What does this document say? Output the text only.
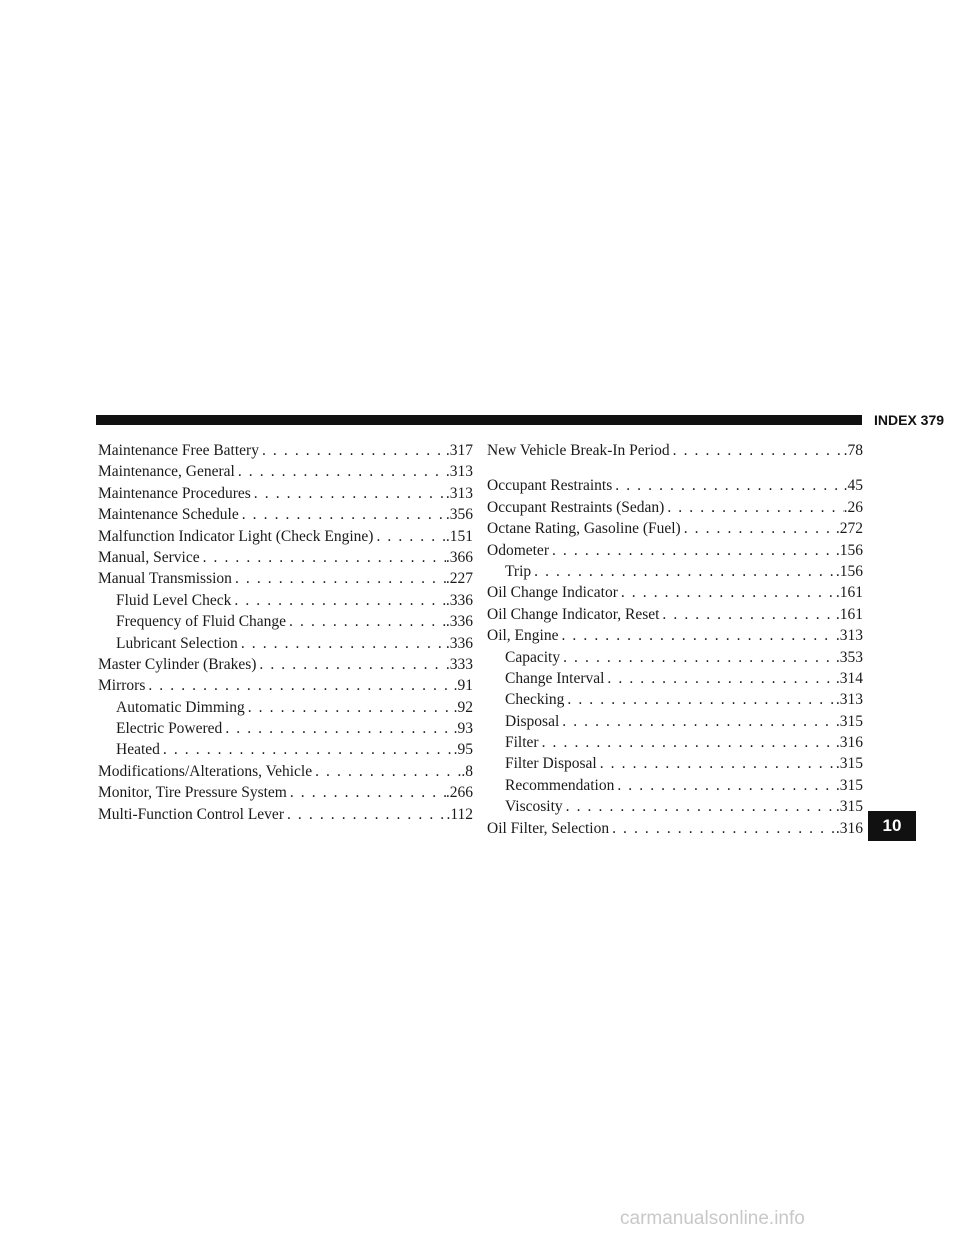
INDEX 379
Maintenance Free Battery . . .	.317
Maintenance, General . . .	.313
Maintenance Procedures . . .	.313
Maintenance Schedule . . .	.356
Malfunction Indicator Light (Check Engine) . . .	.151
Manual, Service . . .	.366
Manual Transmission . . .	.227
Fluid Level Check . . .	.336
Frequency of Fluid Change . . .	.336
Lubricant Selection . . .	.336
Master Cylinder (Brakes) . . .	.333
Mirrors . . .	.91
Automatic Dimming . . .	.92
Electric Powered . . .	.93
Heated . . .	.95
Modifications/Alterations, Vehicle . . .	.8
Monitor, Tire Pressure System . . .	.266
Multi-Function Control Lever . . .	.112
New Vehicle Break-In Period . . .	.78
Occupant Restraints . . .	.45
Occupant Restraints (Sedan) . . .	.26
Octane Rating, Gasoline (Fuel) . . .	.272
Odometer . . .	.156
Trip . . .	.156
Oil Change Indicator . . .	.161
Oil Change Indicator, Reset . . .	.161
Oil, Engine . . .	.313
Capacity . . .	.353
Change Interval . . .	.314
Checking . . .	.313
Disposal . . .	.315
Filter . . .	.316
Filter Disposal . . .	.315
Recommendation . . .	.315
Viscosity . . .	.315
Oil Filter, Selection . . .	.316	10
carmanualsonline.info
